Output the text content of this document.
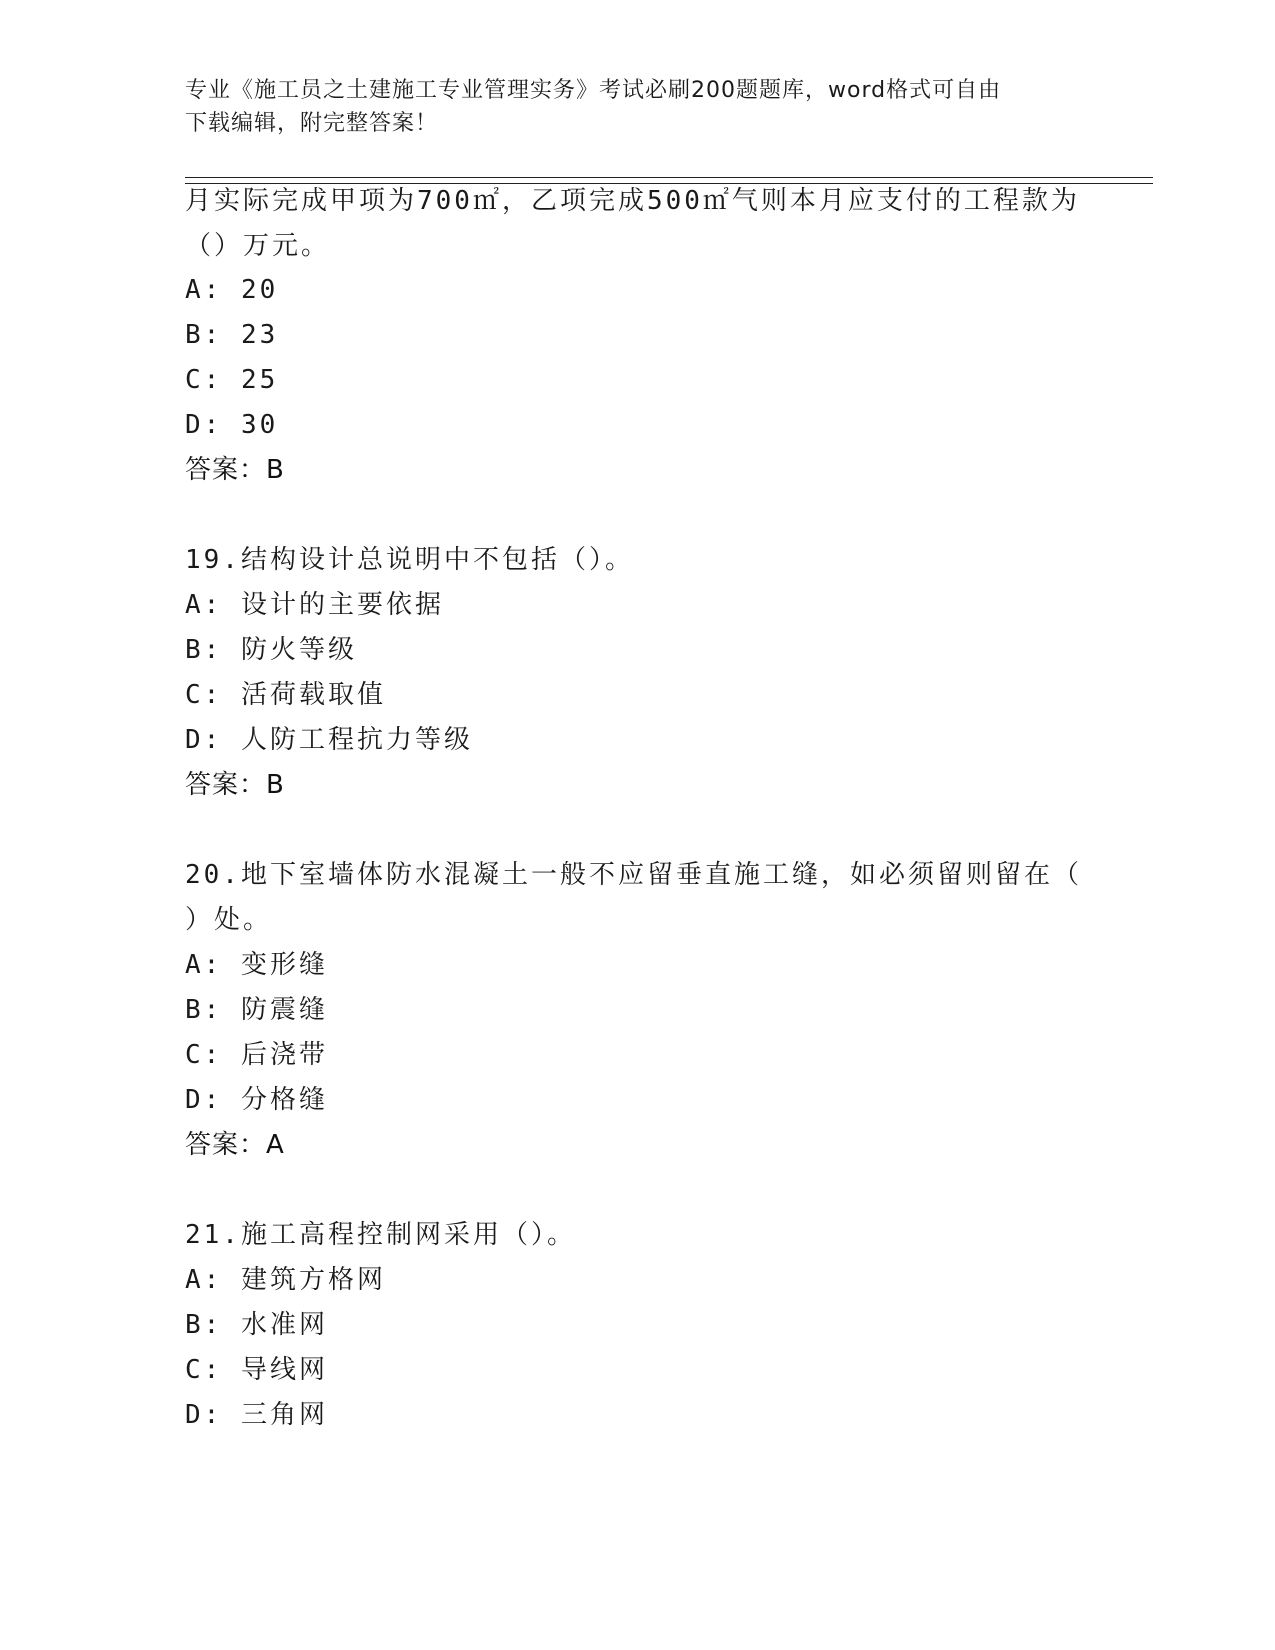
专业《施工员之土建施工专业管理实务》考试必刷200题题库，word格式可自由
下载编辑，附完整答案！
月实际完成甲项为700㎡，乙项完成500㎡气则本月应支付的工程款为
（）万元。
A: 20
B: 23
C: 25
D: 30
答案：B
19.结构设计总说明中不包括（）。
A: 设计的主要依据
B: 防火等级
C: 活荷载取值
D: 人防工程抗力等级
答案：B
20.地下室墙体防水混凝土一般不应留垂直施工缝，如必须留则留在（
）处。
A: 变形缝
B: 防震缝
C: 后浇带
D: 分格缝
答案：A
21.施工高程控制网采用（）。
A: 建筑方格网
B: 水准网
C: 导线网
D: 三角网
